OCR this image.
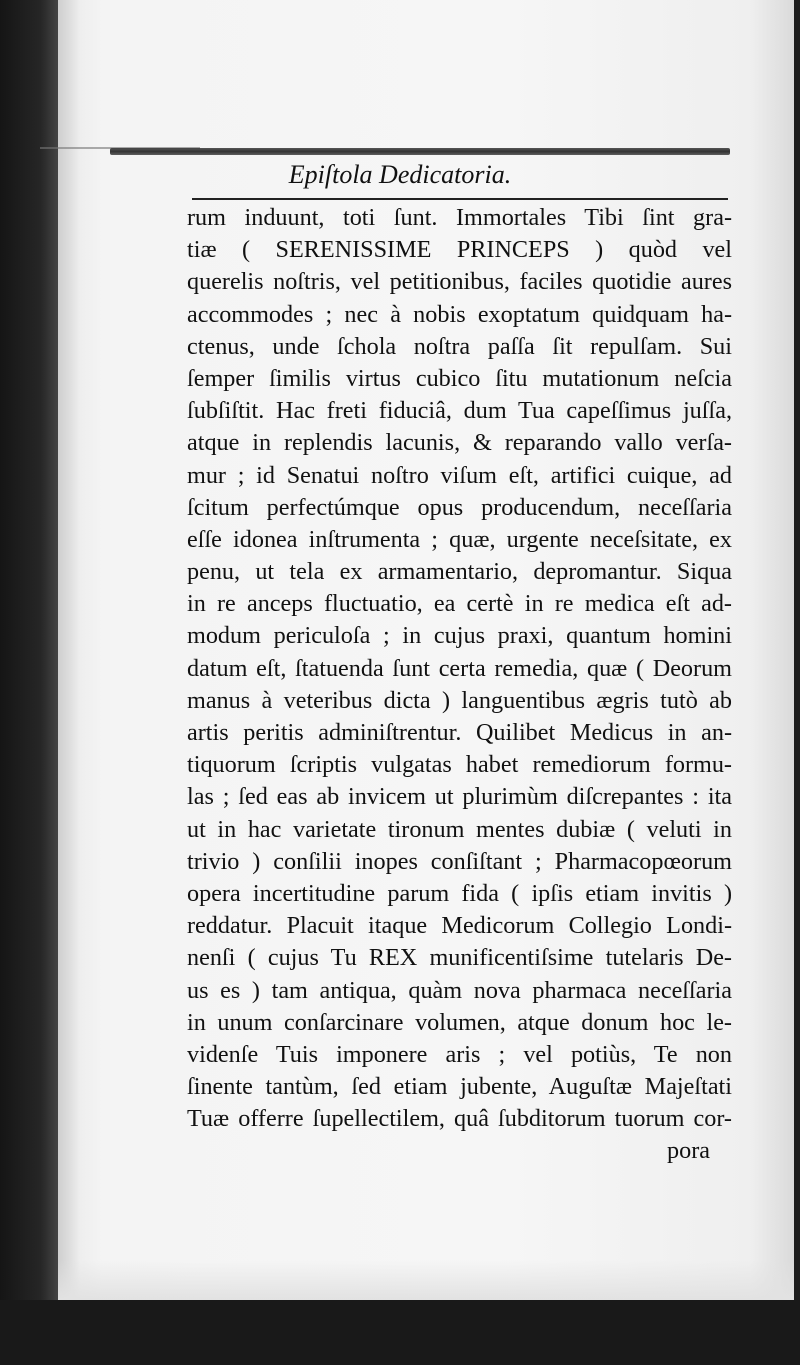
Epiſtola Dedicatoria.
rum induunt, toti ſunt. Immortales Tibi ſint gra-
tiæ ( SERENISSIME PRINCEPS ) quòd vel
querelis noſtris, vel petitionibus, faciles quotidie aures
accommodes ; nec à nobis exoptatum quidquam ha-
ctenus, unde ſchola noſtra paſſa ſit repulſam. Sui
ſemper ſimilis virtus cubico ſitu mutationum neſcia
ſubſiſtit. Hac freti fiduciâ, dum Tua capeſſimus juſſa,
atque in replendis lacunis, & reparando vallo verſa-
mur ; id Senatui noſtro viſum eſt, artifici cuique, ad
ſcitum perfectúmque opus producendum, neceſſaria
eſſe idonea inſtrumenta ; quæ, urgente neceſsitate, ex
penu, ut tela ex armamentario, depromantur. Siqua
in re anceps fluctuatio, ea certè in re medica eſt ad-
modum periculoſa ; in cujus praxi, quantum homini
datum eſt, ſtatuenda ſunt certa remedia, quæ ( Deorum
manus à veteribus dicta ) languentibus ægris tutò ab
artis peritis adminiſtrentur. Quilibet Medicus in an-
tiquorum ſcriptis vulgatas habet remediorum formu-
las ; ſed eas ab invicem ut plurimùm diſcrepantes : ita
ut in hac varietate tironum mentes dubiæ ( veluti in
trivio ) conſilii inopes conſiſtant ; Pharmacopœorum
opera incertitudine parum fida ( ipſis etiam invitis )
reddatur. Placuit itaque Medicorum Collegio Londi-
nenſi ( cujus Tu REX munificentiſsime tutelaris De-
us es ) tam antiqua, quàm nova pharmaca neceſſaria
in unum conſarcinare volumen, atque donum hoc le-
videnſe Tuis imponere aris ; vel potiùs, Te non
ſinente tantùm, ſed etiam jubente, Auguſtæ Majeſtati
Tuæ offerre ſupellectilem, quâ ſubditorum tuorum cor-
pora
